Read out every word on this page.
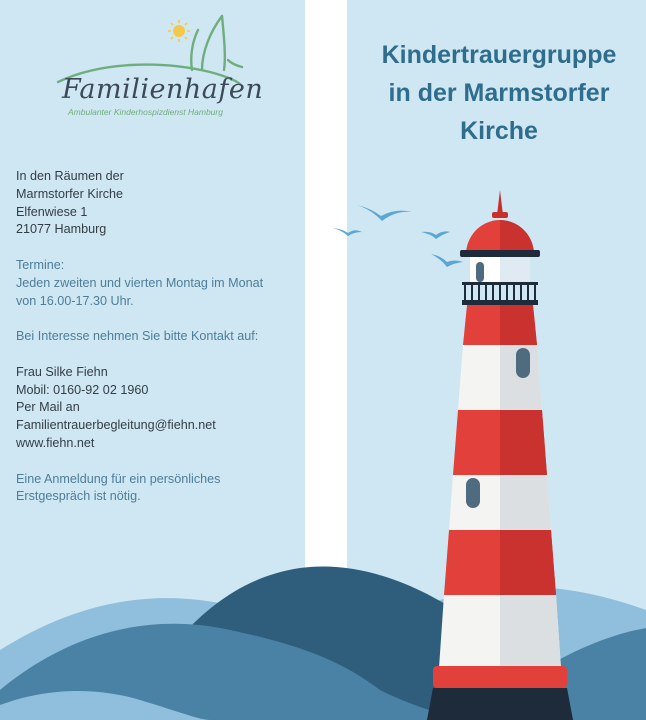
Familienhafen
Ambulanter Kinderhospizdienst Hamburg

In den Räumen der
Marmstorfer Kirche
Elfenwiese 1
21077 Hamburg

Termine:
Jeden zweiten und vierten Montag im Monat
von 16.00-17.30 Uhr.

Bei Interesse nehmen Sie bitte Kontakt auf:

Frau Silke Fiehn
Mobil: 0160-92 02 1960
Per Mail an
Familientrauerbegleitung@fiehn.net
www.fiehn.net

Eine Anmeldung für ein persönliches
Erstgespräch ist nötig.

Kindertrauergruppe
in der Marmstorfer
Kirche
